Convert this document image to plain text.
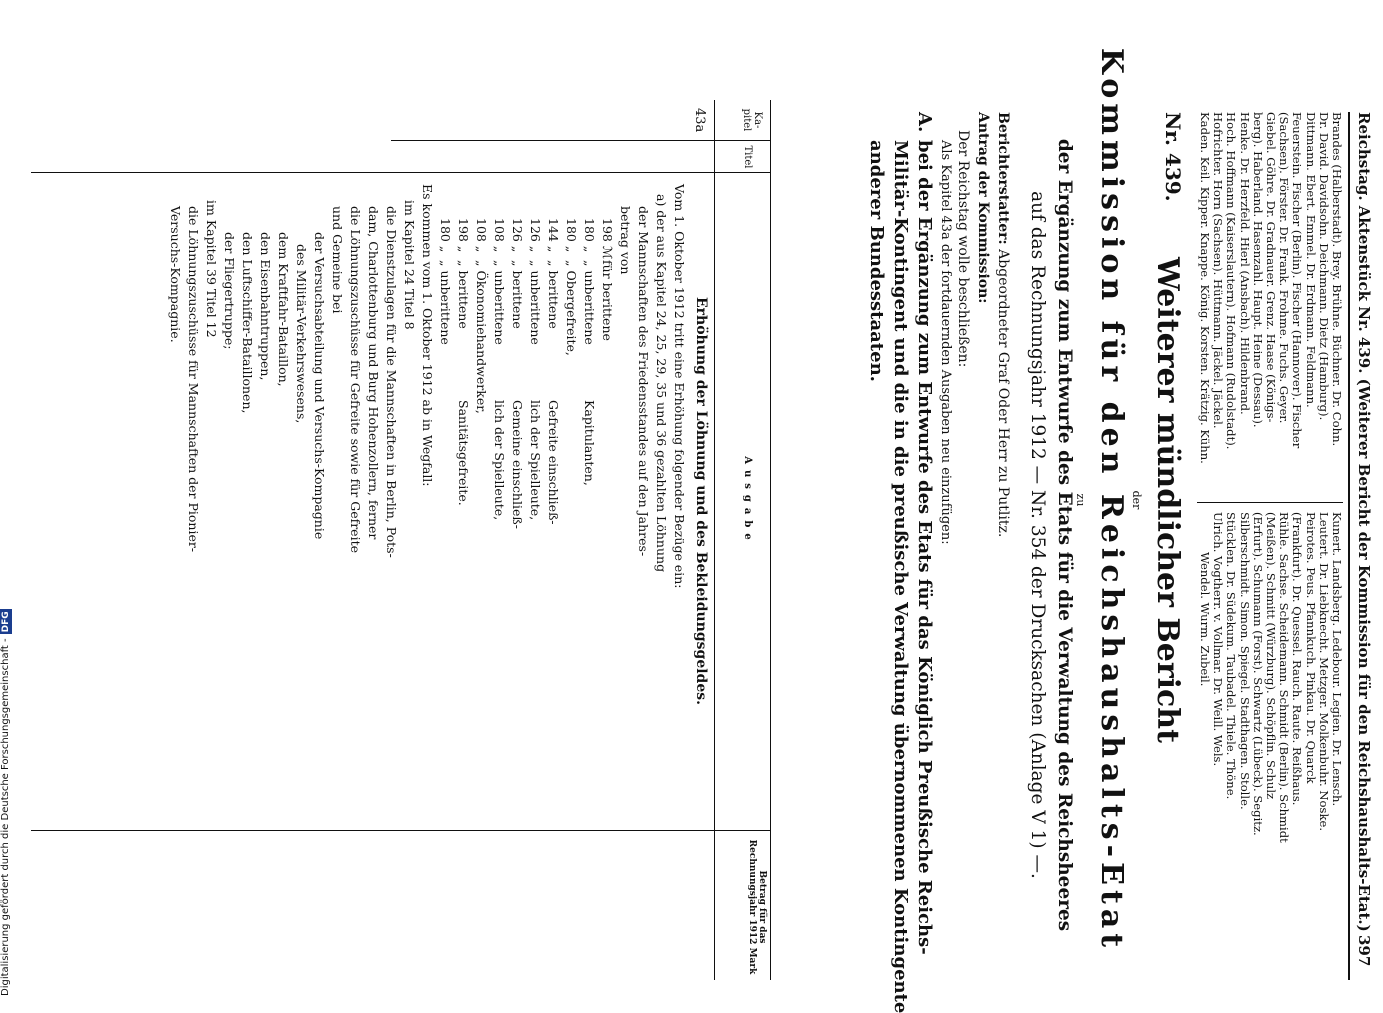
Reichstag. Aktenstück Nr. 439. (Weiterer Bericht der Kommission für den Reichshaushalts-Etat.)
397
Brandes (Halberstadt). Brey. Brühne. Büchner. Dr. Cohn.
Dr. David. Davidsohn. Deichmann. Dietz (Hamburg).
Dittmann. Ebert. Emmel. Dr. Erdmann. Feldmann.
Feuerstein. Fischer (Berlin). Fischer (Hannover). Fischer
(Sachsen). Förster. Dr. Frank. Frohme. Fuchs. Geyer.
Giebel. Göhre. Dr. Gradnauer. Grenz. Haase (Königs-
berg). Haberland. Hasenzahl. Haupt. Heine (Dessau).
Henke. Dr. Herzfeld. Hierl (Ansbach). Hildenbrand.
Hoch. Hoffmann (Kaiserslautern). Hofmann (Rudolstadt).
Hofrichter. Horn (Sachsen). Hüttmann. Jäckel. Jäckel.
Kaden. Keil. Kipper. Knappe. König. Korsten. Krätzig. Kühn.
Kunert. Landsberg. Ledebour. Legien. Dr. Lensch.
Leutert. Dr. Liebknecht. Metzger. Molkenbuhr. Noske.
Peirotes. Peus. Pfannkuch. Pinkau. Dr. Quarck
(Frankfurt). Dr. Quessel. Rauch. Raute. Reißhaus.
Rühle. Sachse. Scheidemann. Schmidt (Berlin). Schmidt
(Meißen). Schmitt (Würzburg). Schöpflin. Schulz
(Erfurt). Schumann (Forst). Schwartz (Lübeck). Segitz.
Silberschmidt. Simon. Spiegel. Stadthagen. Stolle.
Stücklen. Dr. Südekum. Taubadel. Thiele. Thöne.
Ulrich. Vogtherr. v. Vollmar. Dr. Weill. Wels.
Wendel. Wurm. Zubeil.
Nr. 439.
Weiterer mündlicher Bericht
der
Kommission für den Reichshaushalts-Etat
zu
der Ergänzung zum Entwurfe des Etats für die Verwaltung des Reichsheeres
auf das Rechnungsjahr 1912 — Nr. 354 der Drucksachen (Anlage V 1) —.
Berichterstatter: Abgeordneter Graf Oder Herr zu Putlitz.
Antrag der Kommission:
Der Reichstag wolle beschließen:
Als Kapitel 43a der fortdauernden Ausgaben neu einzufügen:
A.
bei der Ergänzung zum Entwurfe des Etats für das Königlich Preußische Reichs-
Militär-Kontingent und die in die preußische Verwaltung übernommenen Kontingente
anderer Bundesstaaten.
Ka-pitel
Titel
Ausgabe
Betrag für das Rechnungsjahr 1912 Mark
43a
Erhöhung der Löhnung und des Bekleidungsgeldes.
Vom 1. Oktober 1912 tritt eine Erhöhung folgender Bezüge ein:
a) der aus Kapitel 24, 25, 29, 35 und 36 gezahlten Löhnung
der Mannschaften des Friedensstandes auf den Jahres-
betrag von
198 ℳfür berittene
180 „„ unberitteneKapitulanten,
180 „„ Obergefreite,
144 „„ beritteneGefreite einschließ-
126 „„ unberittenelich der Spielleute,
126 „„ beritteneGemeine einschließ-
108 „„ unberittenelich der Spielleute,
108 „„ Ökonomiehandwerker,
198 „„ beritteneSanitätsgefreite.
180 „„ unberittene
Es kommen vom 1. Oktober 1912 ab in Wegfall:
im Kapitel 24 Titel 8
die Dienstzulagen für die Mannschaften in Berlin, Pots-
dam, Charlottenburg und Burg Hohenzollern, ferner
die Löhnungszuschüsse für Gefreite sowie für Gefreite
und Gemeine bei
der Versuchsabteilung und Versuchs-Kompagnie
des Militär-Verkehrswesens,
dem Kraftfahr-Bataillon,
den Eisenbahntruppen,
den Luftschiffer-Bataillonen,
der Fliegertruppe;
im Kapitel 39 Titel 12
die Löhnungszuschüsse für Mannschaften der Pionier-
Versuchs-Kompagnie.
Digitalisierung gefördert durch die Deutsche Forschungsgemeinschaft -DFG
